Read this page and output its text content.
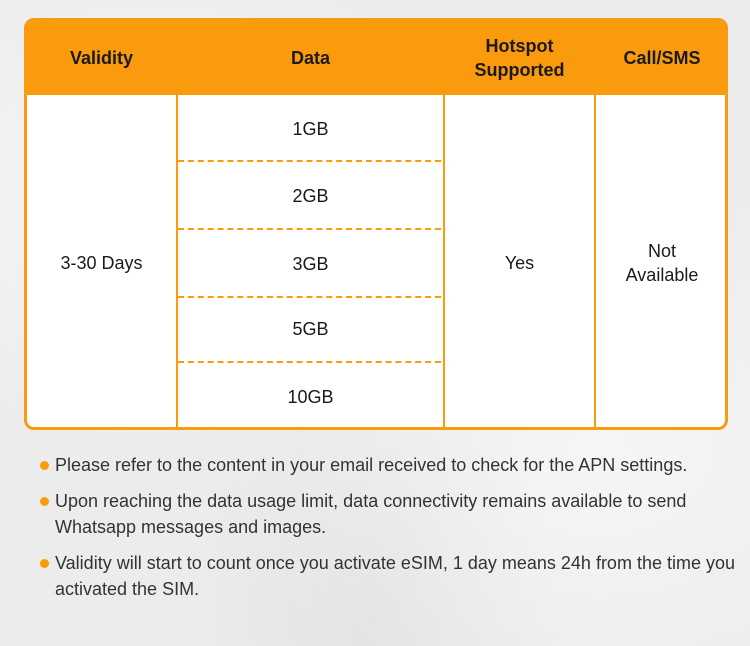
Validity	Data
Hotspot
Supported
Call/SMS
3-30 Days
1GB
2GB
3GB
5GB
10GB
Yes
Not
Available
Please refer to the content in your email received to check for the APN settings.
Upon reaching the data usage limit, data connectivity remains available to send Whatsapp messages and images.
Validity will start to count once you activate eSIM, 1 day means 24h from the time you activated the SIM.
